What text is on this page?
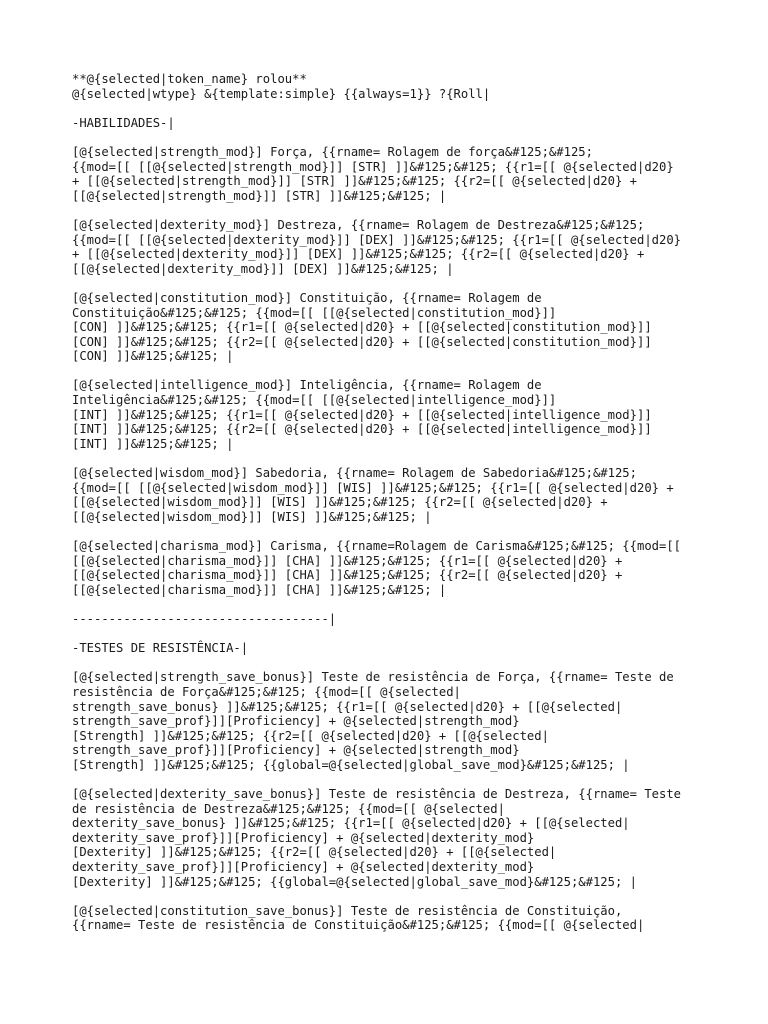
**@{selected|token_name} rolou**
@{selected|wtype} &{template:simple} {{always=1}} ?{Roll|
-HABILIDADES-|
[@{selected|strength_mod}] Força, {{rname= Rolagem de força&#125;&#125;
{{mod=[[ [[@{selected|strength_mod}]] [STR] ]]&#125;&#125; {{r1=[[ @{selected|d20}
+ [[@{selected|strength_mod}]] [STR] ]]&#125;&#125; {{r2=[[ @{selected|d20} +
[[@{selected|strength_mod}]] [STR] ]]&#125;&#125; |
[@{selected|dexterity_mod}] Destreza, {{rname= Rolagem de Destreza&#125;&#125;
{{mod=[[ [[@{selected|dexterity_mod}]] [DEX] ]]&#125;&#125; {{r1=[[ @{selected|d20}
+ [[@{selected|dexterity_mod}]] [DEX] ]]&#125;&#125; {{r2=[[ @{selected|d20} +
[[@{selected|dexterity_mod}]] [DEX] ]]&#125;&#125; |
[@{selected|constitution_mod}] Constituição, {{rname= Rolagem de
Constituição&#125;&#125; {{mod=[[ [[@{selected|constitution_mod}]]
[CON] ]]&#125;&#125; {{r1=[[ @{selected|d20} + [[@{selected|constitution_mod}]]
[CON] ]]&#125;&#125; {{r2=[[ @{selected|d20} + [[@{selected|constitution_mod}]]
[CON] ]]&#125;&#125; |
[@{selected|intelligence_mod}] Inteligência, {{rname= Rolagem de
Inteligência&#125;&#125; {{mod=[[ [[@{selected|intelligence_mod}]]
[INT] ]]&#125;&#125; {{r1=[[ @{selected|d20} + [[@{selected|intelligence_mod}]]
[INT] ]]&#125;&#125; {{r2=[[ @{selected|d20} + [[@{selected|intelligence_mod}]]
[INT] ]]&#125;&#125; |
[@{selected|wisdom_mod}] Sabedoria, {{rname= Rolagem de Sabedoria&#125;&#125;
{{mod=[[ [[@{selected|wisdom_mod}]] [WIS] ]]&#125;&#125; {{r1=[[ @{selected|d20} +
[[@{selected|wisdom_mod}]] [WIS] ]]&#125;&#125; {{r2=[[ @{selected|d20} +
[[@{selected|wisdom_mod}]] [WIS] ]]&#125;&#125; |
[@{selected|charisma_mod}] Carisma, {{rname=Rolagem de Carisma&#125;&#125; {{mod=[[
[[@{selected|charisma_mod}]] [CHA] ]]&#125;&#125; {{r1=[[ @{selected|d20} +
[[@{selected|charisma_mod}]] [CHA] ]]&#125;&#125; {{r2=[[ @{selected|d20} +
[[@{selected|charisma_mod}]] [CHA] ]]&#125;&#125; |
-----------------------------------|
-TESTES DE RESISTÊNCIA-|
[@{selected|strength_save_bonus}] Teste de resistência de Força, {{rname= Teste de
resistência de Força&#125;&#125; {{mod=[[ @{selected|
strength_save_bonus} ]]&#125;&#125; {{r1=[[ @{selected|d20} + [[@{selected|
strength_save_prof}]][Proficiency] + @{selected|strength_mod}
[Strength] ]]&#125;&#125; {{r2=[[ @{selected|d20} + [[@{selected|
strength_save_prof}]][Proficiency] + @{selected|strength_mod}
[Strength] ]]&#125;&#125; {{global=@{selected|global_save_mod}&#125;&#125; |
[@{selected|dexterity_save_bonus}] Teste de resistência de Destreza, {{rname= Teste
de resistência de Destreza&#125;&#125; {{mod=[[ @{selected|
dexterity_save_bonus} ]]&#125;&#125; {{r1=[[ @{selected|d20} + [[@{selected|
dexterity_save_prof}]][Proficiency] + @{selected|dexterity_mod}
[Dexterity] ]]&#125;&#125; {{r2=[[ @{selected|d20} + [[@{selected|
dexterity_save_prof}]][Proficiency] + @{selected|dexterity_mod}
[Dexterity] ]]&#125;&#125; {{global=@{selected|global_save_mod}&#125;&#125; |
[@{selected|constitution_save_bonus}] Teste de resistência de Constituição,
{{rname= Teste de resistência de Constituição&#125;&#125; {{mod=[[ @{selected|
